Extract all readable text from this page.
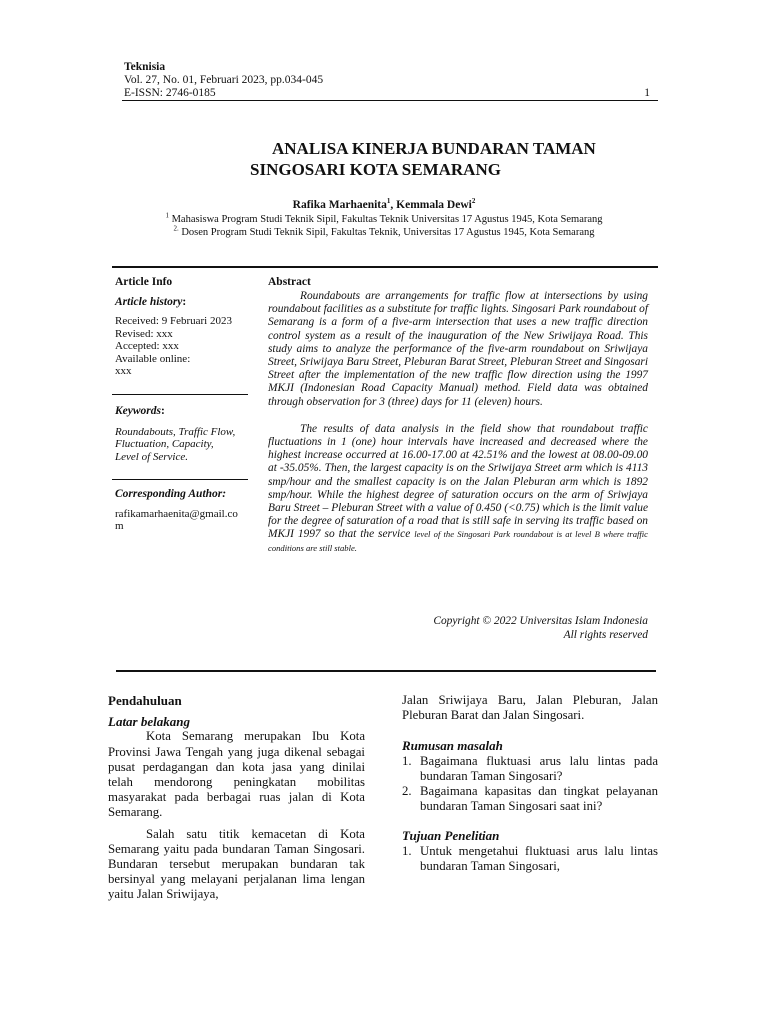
Teknisia
Vol. 27, No. 01, Februari 2023, pp.034-045
E-ISSN: 2746-0185	1
ANALISA KINERJA BUNDARAN TAMAN
SINGOSARI KOTA SEMARANG
Rafika Marhaenita$^1$, Kemmala Dewi$^2$
$^1$ Mahasiswa Program Studi Teknik Sipil, Fakultas Teknik Universitas 17 Agustus 1945, Kota Semarang
$^{2.}$ Dosen Program Studi Teknik Sipil, Fakultas Teknik, Universitas 17 Agustus 1945, Kota Semarang
Article Info
Article history:
Received: 9 Februari 2023
Revised: xxx
Accepted: xxx
Available online:
xxx
Keywords:
Roundabouts, Traffic Flow,
Fluctuation, Capacity,
Level of Service.
Corresponding Author:
rafikamarhaenita@gmail.co
m
Abstract

Roundabouts are arrangements for traffic flow at intersections by using roundabout facilities as a substitute for traffic lights. Singosari Park roundabout of Semarang is a form of a five-arm intersection that uses a new traffic direction control system as a result of the inauguration of the New Sriwijaya Road. This study aims to analyze the performance of the five-arm roundabout on Sriwijaya Street, Sriwijaya Baru Street, Pleburan Barat Street, Pleburan Street and Singosari Street after the implementation of the new traffic flow direction using the 1997 MKJI (Indonesian Road Capacity Manual) method. Field data was obtained through observation for 3 (three) days for 11 (eleven) hours.

The results of data analysis in the field show that roundabout traffic fluctuations in 1 (one) hour intervals have increased and decreased where the highest increase occurred at 16.00-17.00 at 42.51% and the lowest at 08.00-09.00 at -35.05%. Then, the largest capacity is on the Sriwijaya Street arm which is 4113 smp/hour and the smallest capacity is on the Jalan Pleburan arm which is 1892 smp/hour. While the highest degree of saturation occurs on the arm of Sriwjaya Baru Street – Pleburan Street with a value of 0.450 (<0.75) which is the limit value for the degree of saturation of a road that is still safe in serving its traffic based on MKJI 1997 so that the service level of the Singosari Park roundabout is at level B where traffic conditions are still stable.

Copyright © 2022 Universitas Islam Indonesia
All rights reserved
Pendahuluan
Latar belakang

Kota Semarang merupakan Ibu Kota Provinsi Jawa Tengah yang juga dikenal sebagai pusat perdagangan dan kota jasa yang dinilai telah mendorong peningkatan mobilitas masyarakat pada berbagai ruas jalan di Kota Semarang.

Salah satu titik kemacetan di Kota Semarang yaitu pada bundaran Taman Singosari. Bundaran tersebut merupakan bundaran tak bersinyal yang melayani perjalanan lima lengan yaitu Jalan Sriwijaya,

Jalan Sriwijaya Baru, Jalan Pleburan, Jalan Pleburan Barat dan Jalan Singosari.
Rumusan masalah
1. Bagaimana fluktuasi arus lalu lintas pada bundaran Taman Singosari?
2. Bagaimana kapasitas dan tingkat pelayanan bundaran Taman Singosari saat ini?
Tujuan Penelitian
1. Untuk mengetahui fluktuasi arus lalu lintas bundaran Taman Singosari,
